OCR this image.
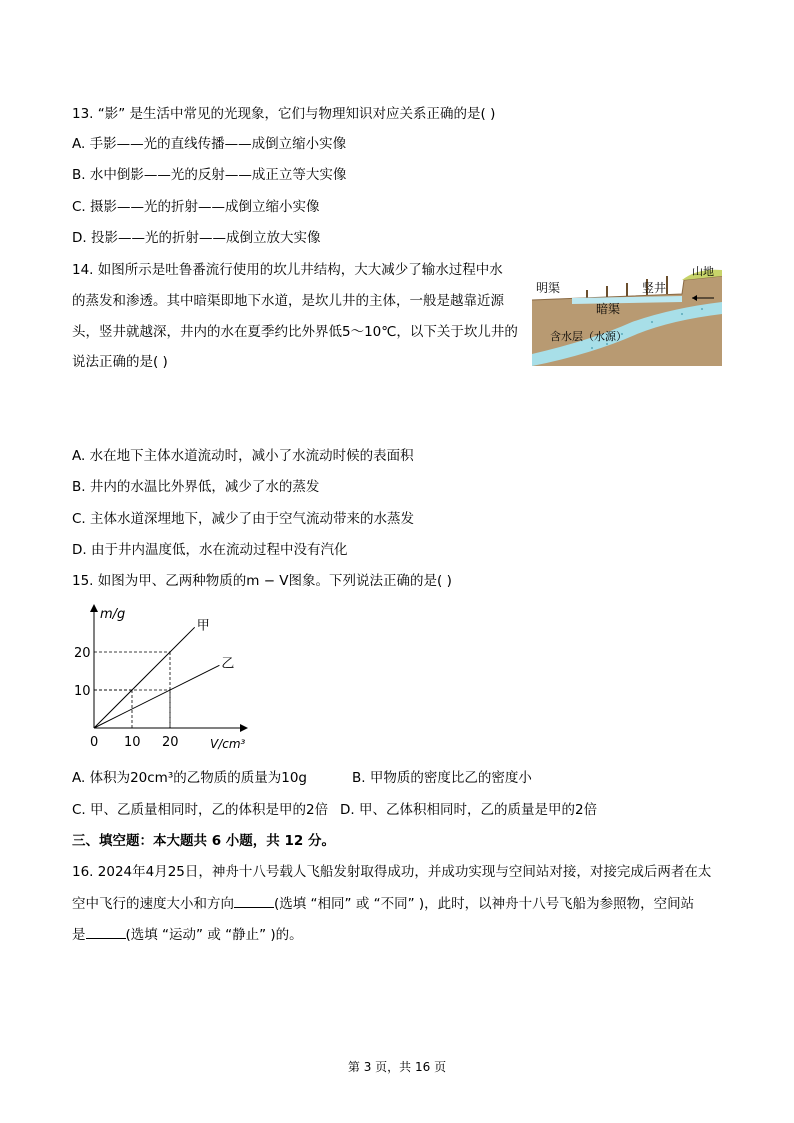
13. “影” 是生活中常见的光现象，它们与物理知识对应关系正确的是( )
A. 手影——光的直线传播——成倒立缩小实像
B. 水中倒影——光的反射——成正立等大实像
C. 摄影——光的折射——成倒立缩小实像
D. 投影——光的折射——成倒立放大实像
14. 如图所示是吐鲁番流行使用的坎儿井结构，大大减少了输水过程中水
的蒸发和渗透。其中暗渠即地下水道，是坎儿井的主体，一般是越靠近源
头，竖井就越深，井内的水在夏季约比外界低5～10℃，以下关于坎儿井的
说法正确的是( )
明渠	竖井
山地
暗渠
含水层（水源）
A. 水在地下主体水道流动时，减小了水流动时候的表面积
B. 井内的水温比外界低，减少了水的蒸发
C. 主体水道深埋地下，减少了由于空气流动带来的水蒸发
D. 由于井内温度低，水在流动过程中没有汽化
15. 如图为甲、乙两种物质的m − V图象。下列说法正确的是( )
m/g
V/cm³
0 10 20
10
20
甲
乙
A. 体积为20cm³的乙物质的质量为10g	B. 甲物质的密度比乙的密度小
C. 甲、乙质量相同时，乙的体积是甲的2倍 D. 甲、乙体积相同时，乙的质量是甲的2倍
三、填空题：本大题共 6 小题，共 12 分。
16. 2024年4月25日，神舟十八号载人飞船发射取得成功，并成功实现与空间站对接，对接完成后两者在太
空中飞行的速度大小和方向	(选填 “相同” 或 “不同” )，此时，以神舟十八号飞船为参照物，空间站
是	(选填 “运动” 或 “静止” )的。
第 3 页，共 16 页
